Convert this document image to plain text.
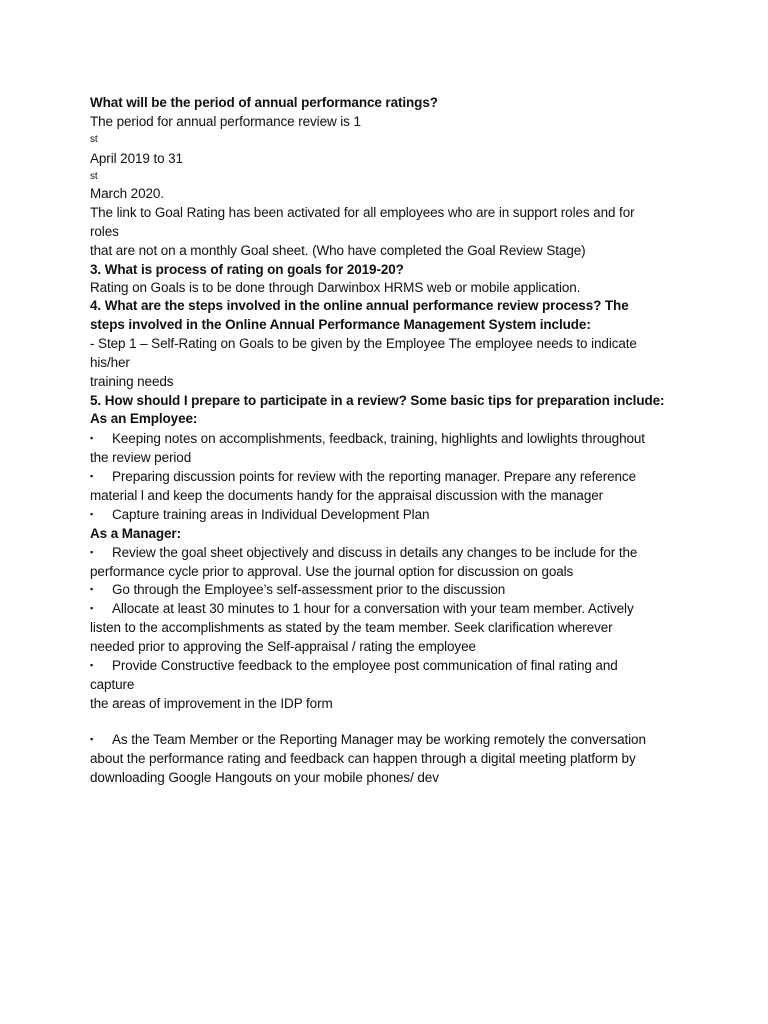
What will be the period of annual performance ratings?
The period for annual performance review is 1
st
April 2019 to 31
st
March 2020.
The link to Goal Rating has been activated for all employees who are in support roles and for
roles
that are not on a monthly Goal sheet. (Who have completed the Goal Review Stage)
3. What is process of rating on goals for 2019-20?
Rating on Goals is to be done through Darwinbox HRMS web or mobile application.
4. What are the steps involved in the online annual performance review process? The
steps involved in the Online Annual Performance Management System include:
- Step 1 – Self-Rating on Goals to be given by the Employee The employee needs to indicate
his/her
training needs
5. How should I prepare to participate in a review? Some basic tips for preparation include:
As an Employee:
▪ Keeping notes on accomplishments, feedback, training, highlights and lowlights throughout
the review period
▪ Preparing discussion points for review with the reporting manager. Prepare any reference
material l and keep the documents handy for the appraisal discussion with the manager
▪ Capture training areas in Individual Development Plan
As a Manager:
▪ Review the goal sheet objectively and discuss in details any changes to be include for the
performance cycle prior to approval. Use the journal option for discussion on goals
▪ Go through the Employee’s self-assessment prior to the discussion
▪ Allocate at least 30 minutes to 1 hour for a conversation with your team member. Actively
listen to the accomplishments as stated by the team member. Seek clarification wherever
needed prior to approving the Self-appraisal / rating the employee
▪ Provide Constructive feedback to the employee post communication of final rating and
capture
the areas of improvement in the IDP form
▪ As the Team Member or the Reporting Manager may be working remotely the conversation
about the performance rating and feedback can happen through a digital meeting platform by
downloading Google Hangouts on your mobile phones/ dev
